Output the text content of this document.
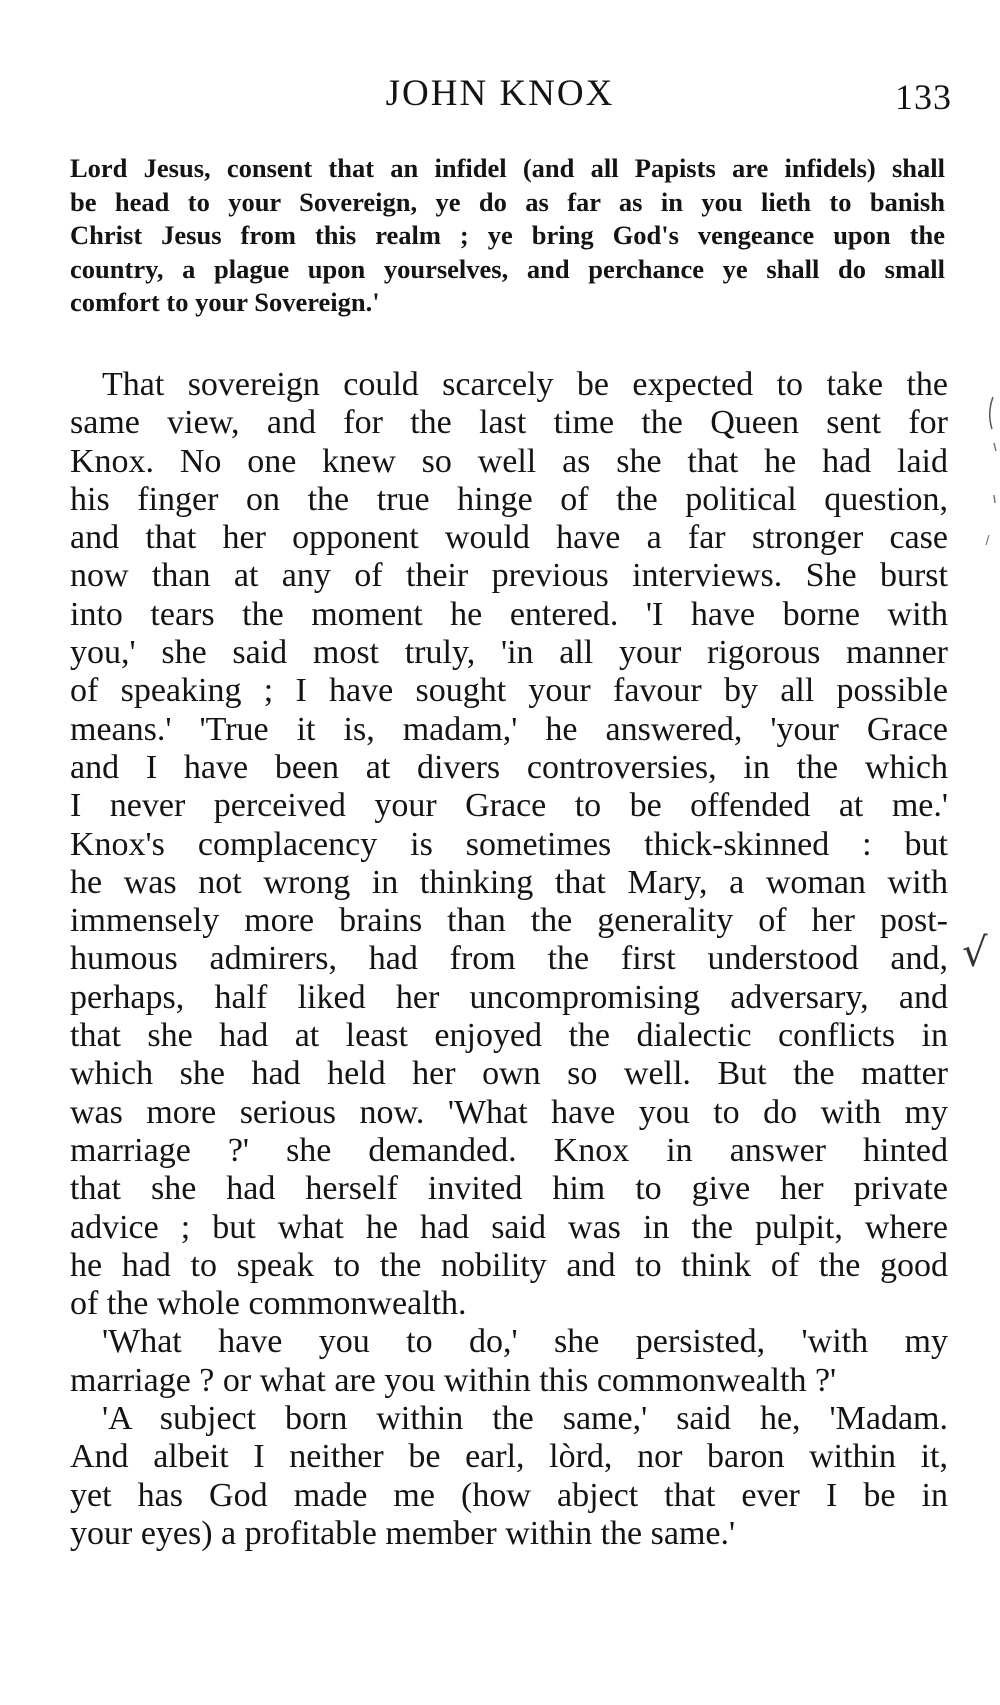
JOHN KNOX	133
Lord Jesus, consent that an infidel (and all Papists are infidels) shall
be head to your Sovereign, ye do as far as in you lieth to banish
Christ Jesus from this realm ; ye bring God's vengeance upon the
country, a plague upon yourselves, and perchance ye shall do small
comfort to your Sovereign.'
That sovereign could scarcely be expected to take the
same view, and for the last time the Queen sent for
Knox. No one knew so well as she that he had laid
his finger on the true hinge of the political question,
and that her opponent would have a far stronger case
now than at any of their previous interviews. She burst
into tears the moment he entered. 'I have borne with
you,' she said most truly, 'in all your rigorous manner
of speaking ; I have sought your favour by all possible
means.' 'True it is, madam,' he answered, 'your Grace
and I have been at divers controversies, in the which
I never perceived your Grace to be offended at me.'
Knox's complacency is sometimes thick-skinned : but
he was not wrong in thinking that Mary, a woman with
immensely more brains than the generality of her post-
humous admirers, had from the first understood and,
perhaps, half liked her uncompromising adversary, and
that she had at least enjoyed the dialectic conflicts in
which she had held her own so well. But the matter
was more serious now. 'What have you to do with my
marriage ?' she demanded. Knox in answer hinted
that she had herself invited him to give her private
advice ; but what he had said was in the pulpit, where
he had to speak to the nobility and to think of the good
of the whole commonwealth.
'What have you to do,' she persisted, 'with my
marriage ? or what are you within this commonwealth ?'
'A subject born within the same,' said he, 'Madam.
And albeit I neither be earl, lòrd, nor baron within it,
yet has God made me (how abject that ever I be in
your eyes) a profitable member within the same.'
√
